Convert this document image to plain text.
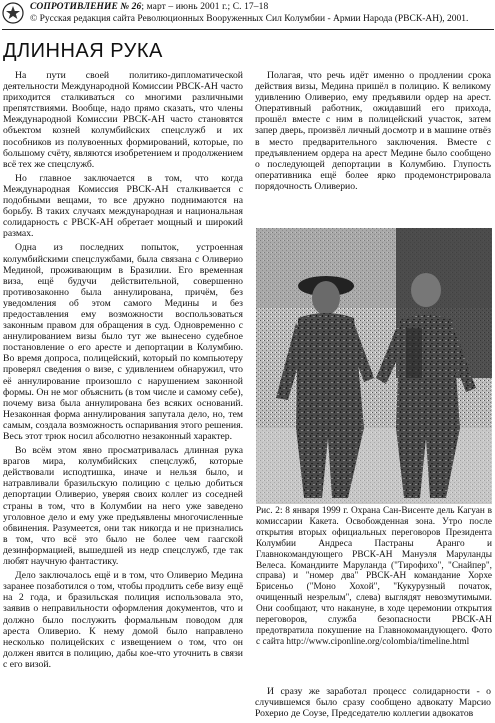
СОПРОТИВЛЕНИЕ № 26; март – июнь 2001 г.; С. 17–18
© Русская редакция сайта Революционных Вооруженных Сил Колумбии - Армии Народа (РВСК-АН), 2001.
ДЛИННАЯ РУКА

На пути своей политико-дипломатической деятельности Международной Комиссии РВСК-АН часто приходится сталкиваться со многими различными препятствиями. Вообще, надо прямо сказать, что члены Международной Комиссии РВСК-АН часто становятся объектом козней колумбийских спецслужб и их пособников из полувоенных формирований, которые, по большому счёту, являются изобретением и продолжением всё тех же спецслужб.

Но главное заключается в том, что когда Международная Комиссия РВСК-АН сталкивается с подобными вещами, то все дружно поднимаются на борьбу. В таких случаях международная и национальная солидарность с РВСК-АН обретает мощный и широкий размах.

Одна из последних попыток, устроенная колумбийскими спецслужбами, была связана с Оливерио Мединой, проживающим в Бразилии. Его временная виза, ещё будучи действительной, совершенно противозаконно была аннулирована, причём, без уведомления об этом самого Медины и без предоставления ему возможности воспользоваться законным правом для обращения в суд. Одновременно с аннулированием визы было тут же вынесено судебное постановление о его аресте и депортации в Колумбию. Во время допроса, полицейский, который по компьютеру проверял сведения о визе, с удивлением обнаружил, что её аннулирование произошло с нарушением законной формы. Он не мог объяснить (в том числе и самому себе), почему виза была аннулирована без всяких оснований. Незаконная форма аннулирования запутала дело, но, тем самым, создала возможность оспаривания этого решения. Весь этот трюк носил абсолютно незаконный характер.

Во всём этом явно просматривалась длинная рука врагов мира, колумбийских спецслужб, которые действовали исподтишка, иначе и нельзя было, и натравливали бразильскую полицию с целью добиться депортации Оливерио, уверяя своих коллег из соседней страны в том, что в Колумбии на него уже заведено уголовное дело и ему уже предъявлены многочисленные обвинения. Разумеется, они так никогда и не признались в том, что всё это было не более чем гаагской дезинформацией, вышедшей из недр спецслужб, где так любят научную фантастику.

Дело заключалось ещё и в том, что Оливерио Медина заранее позаботился о том, чтобы продлить себе визу ещё на 2 года, и бразильская полиция использовала это, заявив о неправильности оформления документов, что и должно было послужить формальным поводом для ареста Оливерио. К нему домой было направлено несколько полицейских с извещением о том, что он должен явится в полицию, дабы кое-что уточнить в связи с его визой.

Полагая, что речь идёт именно о продлении срока действия визы, Медина пришёл в полицию. К великому удивлению Оливерио, ему предъявили ордер на арест. Оперативный работник, ожидавший его прихода, прошёл вместе с ним в полицейский участок, затем запер дверь, произвёл личный досмотр и в машине отвёз в место предварительного заключения. Вместе с предъявлением ордера на арест Медине было сообщено о последующей депортации в Колумбию. Глупость оперативника ещё более ярко продемонстрировала порядочность Оливерио.

Рис. 2: 8 января 1999 г. Охрана Сан-Висенте дель Кагуан в комиссарии Какета. Освобожденная зона. Утро после открытия вторых официальных переговоров Президента Колумбии Андреса Пастраны Аранго и Главнокомандующего РВСК-АН Мануэля Маруланды Велеса. Командиите Маруланда ("Тирофихо", "Снайпер", справа) и "номер два" РВСК-АН командание Хорхе Брисеньо ("Моно Хохой", "Кукурузный початок, очищенный незрелым", слева) выглядят невозмутимыми. Они сообщают, что накануне, в ходе церемонии открытия переговоров, служба безопасности РВСК-АН предотвратила покушение на Главнокомандующего. Фото с сайта http://www.ciponline.org/colombia/timeline.html

И сразу же заработал процесс солидарности - о случившемся было сразу сообщено адвокату Марсио Рохерио де Соузе, Председателю коллегии адвокатов
